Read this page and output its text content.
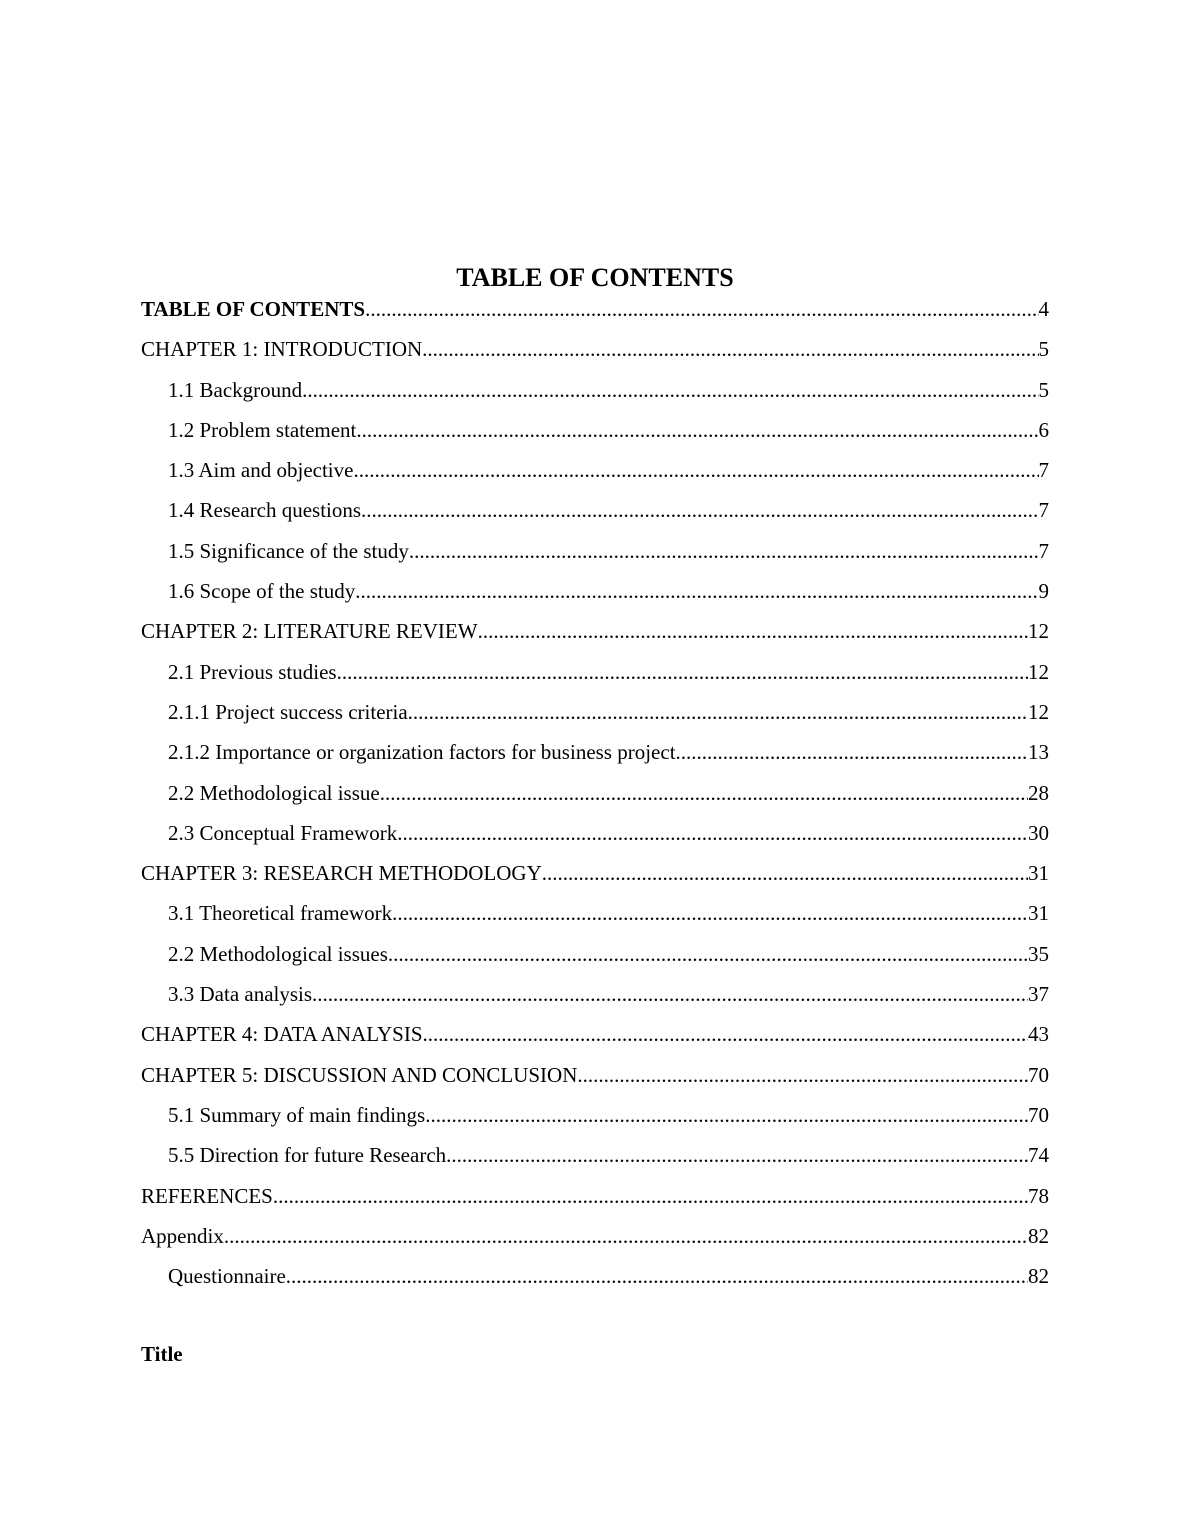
TABLE OF CONTENTS
TABLE OF CONTENTS .....	4
CHAPTER 1: INTRODUCTION .....	5
1.1 Background .....	5
1.2 Problem statement .....	6
1.3 Aim and objective .....	7
1.4 Research questions .....	7
1.5 Significance of the study .....	7
1.6 Scope of the study .....	9
CHAPTER 2: LITERATURE REVIEW .....	12
2.1 Previous studies .....	12
2.1.1 Project success criteria .....	12
2.1.2 Importance or organization factors for business project .....	13
2.2 Methodological issue .....	28
2.3 Conceptual Framework .....	30
CHAPTER 3: RESEARCH METHODOLOGY .....	31
3.1 Theoretical framework .....	31
2.2 Methodological issues .....	35
3.3 Data analysis .....	37
CHAPTER 4: DATA ANALYSIS .....	43
CHAPTER 5: DISCUSSION AND CONCLUSION .....	70
5.1 Summary of main findings .....	70
5.5 Direction for future Research .....	74
REFERENCES .....	78
Appendix .....	82
Questionnaire .....	82
Title
